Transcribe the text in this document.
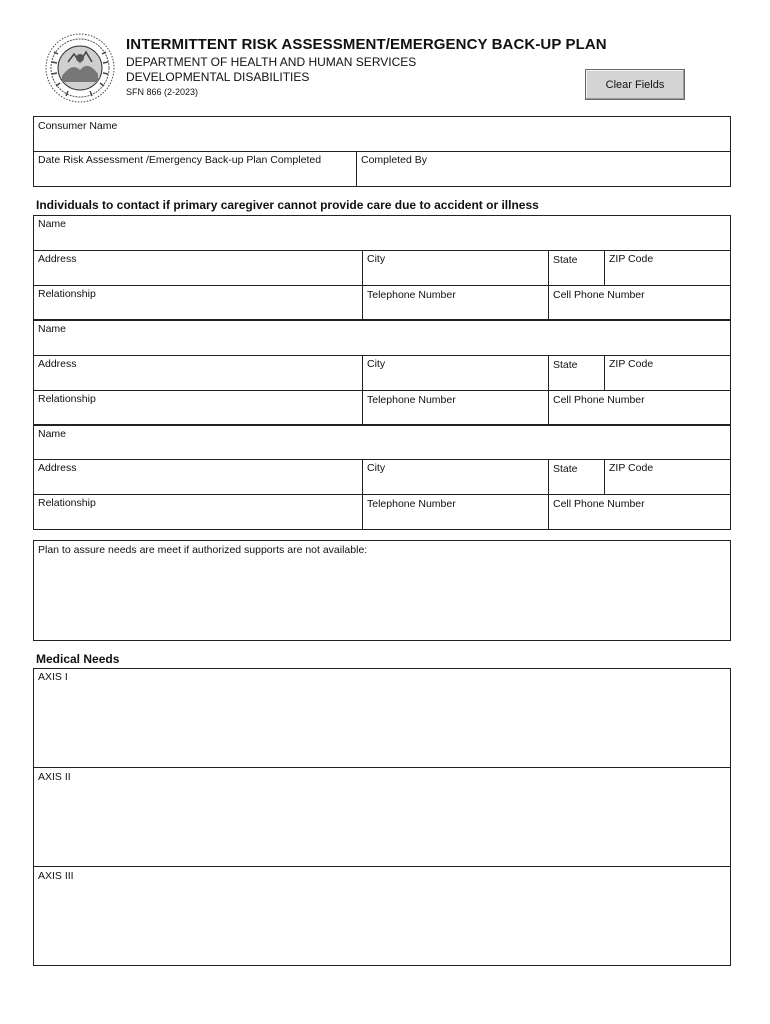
INTERMITTENT RISK ASSESSMENT/EMERGENCY BACK-UP PLAN
DEPARTMENT OF HEALTH AND HUMAN SERVICES
DEVELOPMENTAL DISABILITIES
SFN 866 (2-2023)
Clear Fields
Consumer Name
Date Risk Assessment /Emergency Back-up Plan Completed	Completed By
Individuals to contact if primary caregiver cannot provide care due to accident or illness
Name
Address	City	State	ZIP Code
Relationship	Telephone Number	Cell Phone Number
Name
Address	City	State	ZIP Code
Relationship	Telephone Number	Cell Phone Number
Name
Address	City	State	ZIP Code
Relationship	Telephone Number	Cell Phone Number
Plan to assure needs are meet if authorized supports are not available:
Medical Needs
AXIS I
AXIS II
AXIS III
